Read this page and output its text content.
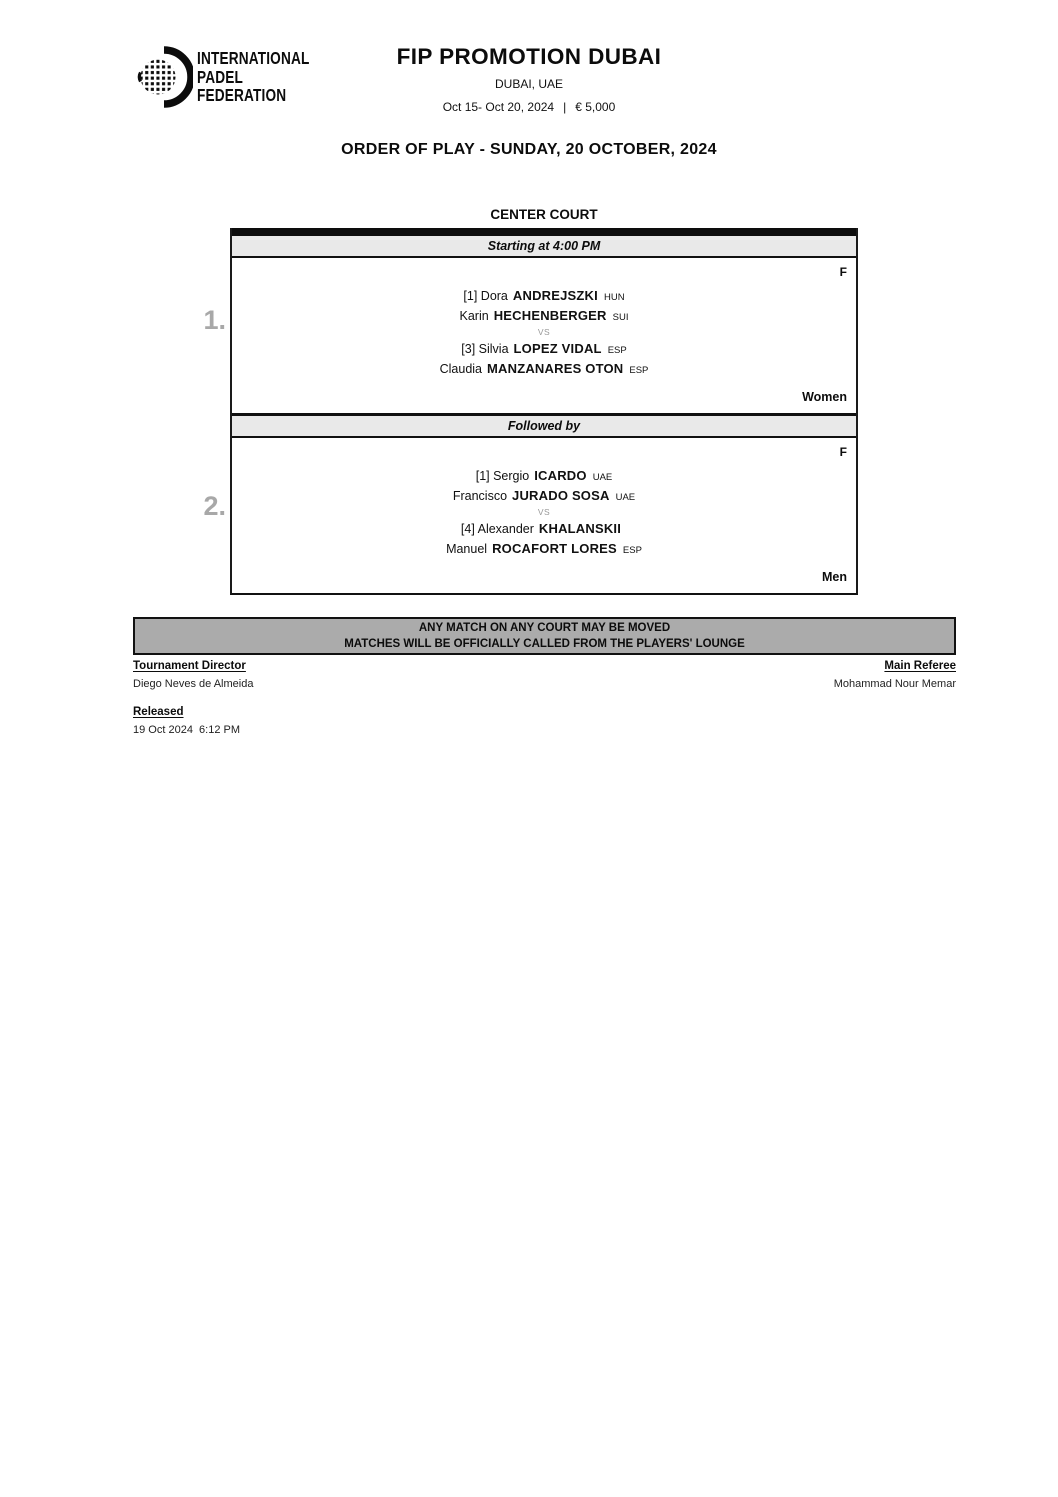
INTERNATIONAL
PADEL
FEDERATION
FIP PROMOTION DUBAI
DUBAI, UAE
Oct 15- Oct 20, 2024 | € 5,000
ORDER OF PLAY - SUNDAY, 20 OCTOBER, 2024
CENTER COURT
1.
2.
Starting at 4:00 PM
F
[1] Dora ANDREJSZKI HUN
Karin HECHENBERGER SUI
VS
[3] Silvia LOPEZ VIDAL ESP
Claudia MANZANARES OTON ESP
Women
Followed by
F
[1] Sergio ICARDO UAE
Francisco JURADO SOSA UAE
VS
[4] Alexander KHALANSKII
Manuel ROCAFORT LORES ESP
Men
ANY MATCH ON ANY COURT MAY BE MOVED
MATCHES WILL BE OFFICIALLY CALLED FROM THE PLAYERS' LOUNGE
Tournament Director
Diego Neves de Almeida
Main Referee
Mohammad Nour Memar
Released
19 Oct 2024  6:12 PM
